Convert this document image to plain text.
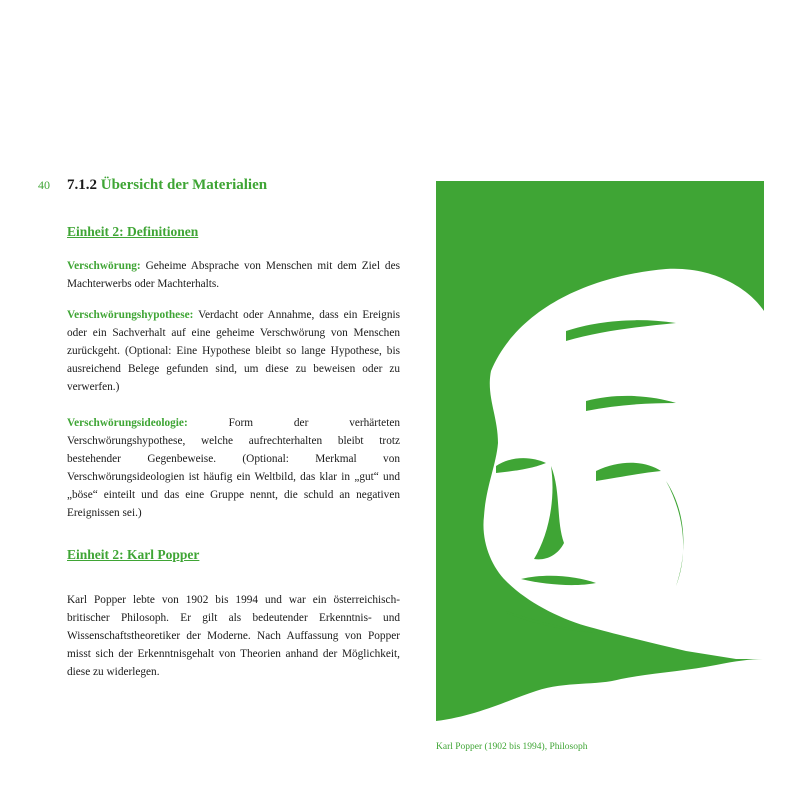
40 7.1.2 Übersicht der Materialien
Einheit 2: Definitionen

Verschwörung: Geheime Absprache von Menschen mit dem Ziel des Machterwerbs oder Machterhalts.

Verschwörungshypothese: Verdacht oder Annahme, dass ein Ereignis oder ein Sachverhalt auf eine geheime Verschwörung von Menschen zurückgeht. (Optional: Eine Hypothese bleibt so lange Hypothese, bis ausreichend Belege gefunden sind, um diese zu beweisen oder zu verwerfen.)

Verschwörungsideologie: Form der verhärteten Verschwörungshypothese, welche aufrechterhalten bleibt trotz bestehender Gegenbeweise. (Optional: Merkmal von Verschwörungsideologien ist häufig ein Weltbild, das klar in „gut“ und „böse“ einteilt und das eine Gruppe nennt, die schuld an negativen Ereignissen sei.)

Einheit 2: Karl Popper

Karl Popper lebte von 1902 bis 1994 und war ein österreichisch-britischer Philosoph. Er gilt als bedeutender Erkenntnis- und Wissenschaftstheoretiker der Moderne. Nach Auffassung von Popper misst sich der Erkenntnisgehalt von Theorien anhand der Möglichkeit, diese zu widerlegen.

Karl Popper (1902 bis 1994), Philosoph
